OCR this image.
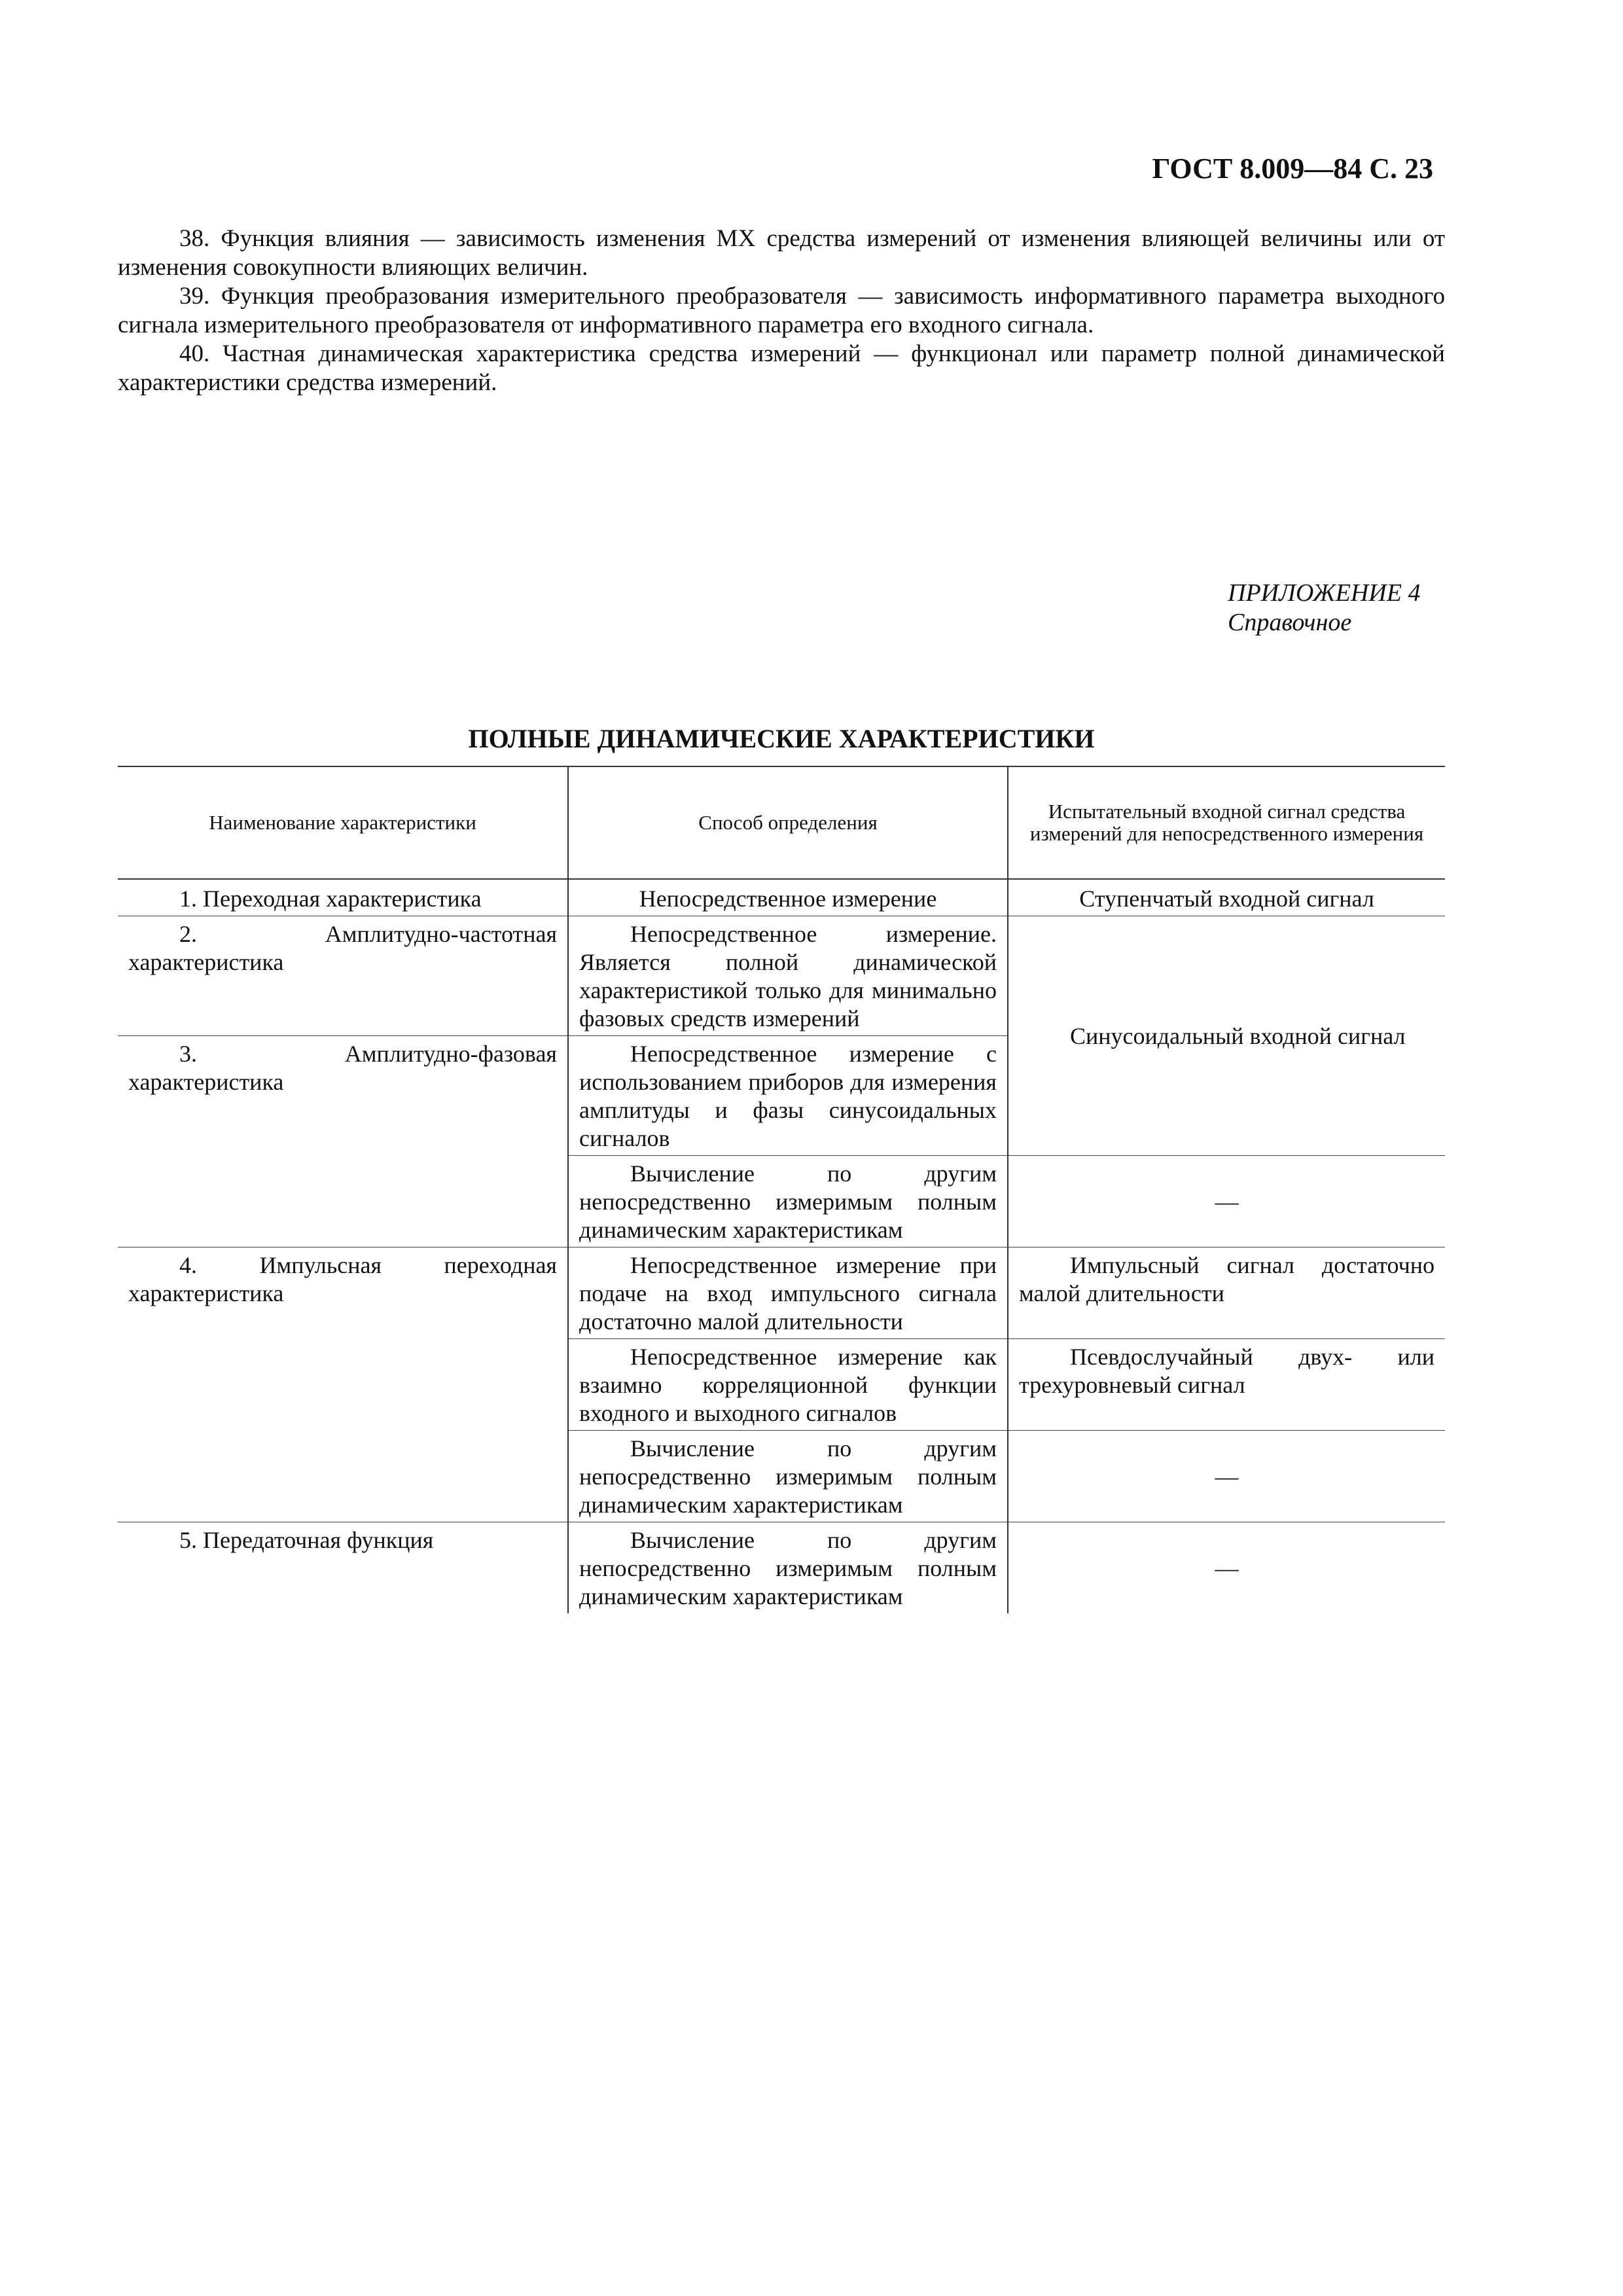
ГОСТ 8.009—84 С. 23

38. Функция влияния — зависимость изменения МХ средства измерений от изменения влияющей величины или от изменения совокупности влияющих величин.

39. Функция преобразования измерительного преобразователя — зависимость информативного параметра выходного сигнала измерительного преобразователя от информативного параметра его входного сигнала.

40. Частная динамическая характеристика средства измерений — функционал или параметр полной динамической характеристики средства измерений.

ПРИЛОЖЕНИЕ 4
Справочное
ПОЛНЫЕ ДИНАМИЧЕСКИЕ ХАРАКТЕРИСТИКИ
Наименование характеристики	Способ определения	Испытательный входной сигнал средства измерений для непосредственного измерения
1. Переходная характеристика	Непосредственное измерение	Ступенчатый входной сигнал
2. Амплитудно-частотная характеристика	Непосредственное измерение. Является полной динамической характеристикой только для минимально фазовых средств измерений	Синусоидальный входной сигнал
3. Амплитудно-фазовая характеристика	Непосредственное измерение с использованием приборов для измерения амплитуды и фазы синусоидальных сигналов	
	Вычисление по другим непосредственно измеримым полным динамическим характеристикам	—
4. Импульсная переходная характеристика	Непосредственное измерение при подаче на вход импульсного сигнала достаточно малой длительности	Импульсный сигнал достаточно малой длительности
	Непосредственное измерение как взаимно корреляционной функции входного и выходного сигналов	Псевдослучайный двух- или трехуровневый сигнал
	Вычисление по другим непосредственно измеримым полным динамическим характеристикам	—
5. Передаточная функция	Вычисление по другим непосредственно измеримым полным динамическим характеристикам	—
